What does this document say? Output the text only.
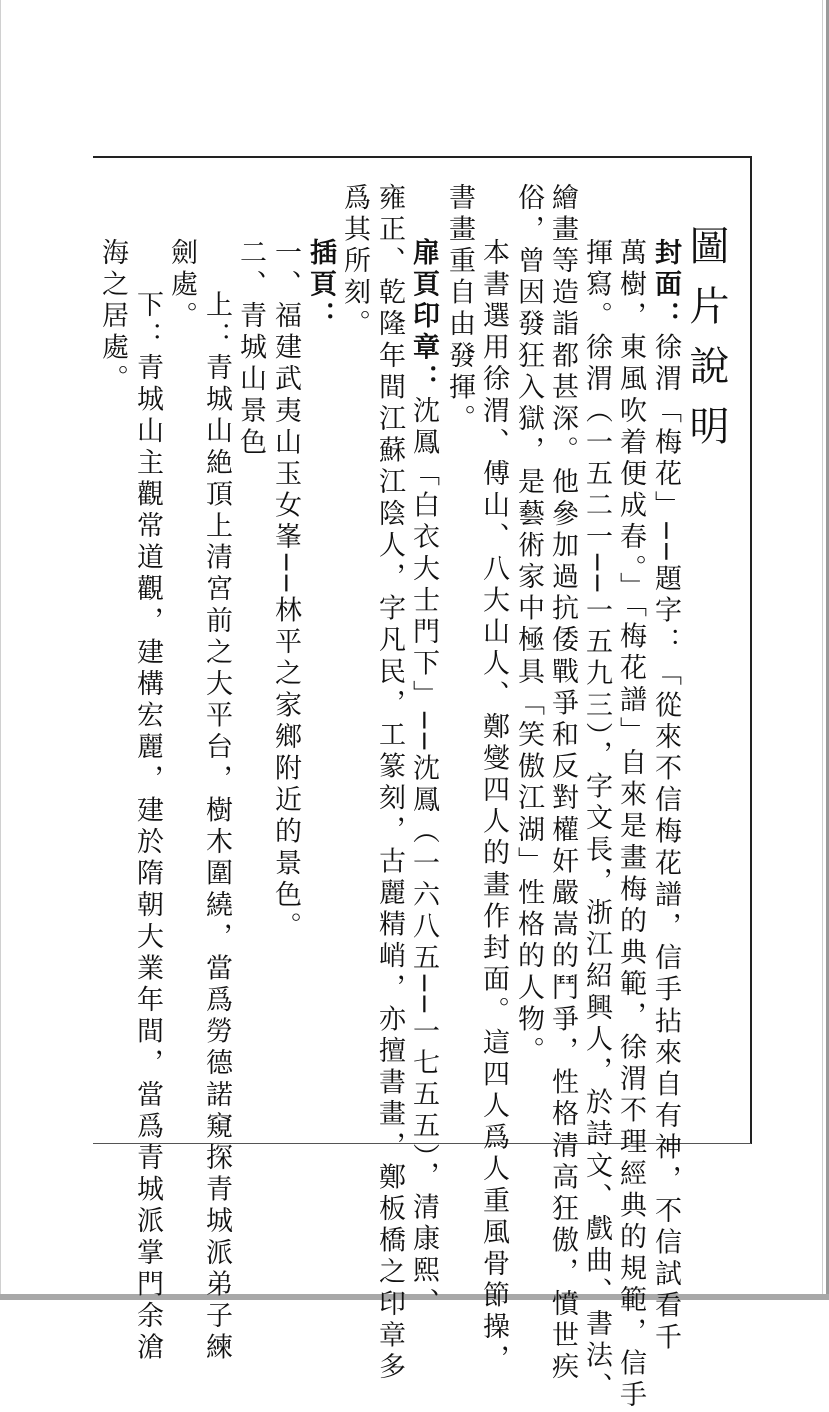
圖片說明
封面：徐渭「梅花」──題字：「從來不信梅花譜，信手拈來自有神，不信試看千
萬樹，東風吹着便成春。」「梅花譜」自來是畫梅的典範，徐渭不理經典的規範，信手
揮寫。徐渭（一五二一──一五九三），字文長，浙江紹興人，於詩文、戲曲、書法、
繪畫等造詣都甚深。他參加過抗倭戰爭和反對權奸嚴嵩的鬥爭，性格清高狂傲，憤世疾
俗，曾因發狂入獄，是藝術家中極具「笑傲江湖」性格的人物。
本書選用徐渭、傅山、八大山人、鄭燮四人的畫作封面。這四人爲人重風骨節操，
書畫重自由發揮。
扉頁印章：沈鳳「白衣大士門下」──沈鳳（一六八五──一七五五），清康熙、
雍正、乾隆年間江蘇江陰人，字凡民，工篆刻，古麗精峭，亦擅書畫，鄭板橋之印章多
爲其所刻。
插頁：
一、福建武夷山玉女峯──林平之家鄉附近的景色。
二、青城山景色
上：青城山絶頂上清宮前之大平台，樹木圍繞，當爲勞德諾窺探青城派弟子練
劍處。
下：青城山主觀常道觀，建構宏麗，建於隋朝大業年間，當爲青城派掌門余滄
海之居處。
